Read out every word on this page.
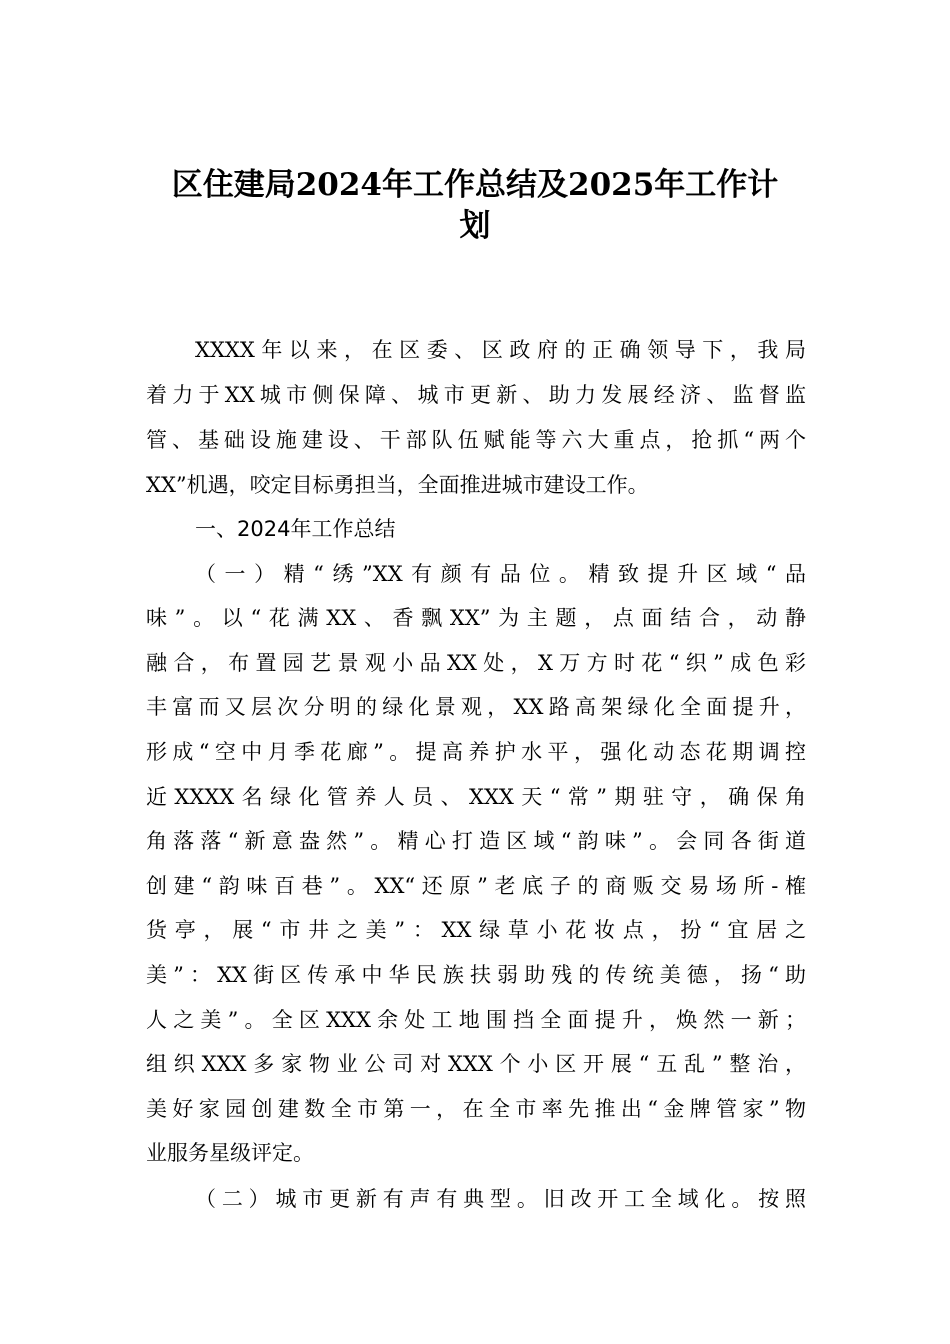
区住建局2024年工作总结及2025年工作计
划
XXXX年以来，在区委、区政府的正确领导下，我局
着力于XX城市侧保障、城市更新、助力发展经济、监督监
管、基础设施建设、干部队伍赋能等六大重点，抢抓“两个
XX”机遇，咬定目标勇担当，全面推进城市建设工作。
一、2024年工作总结
（一）精“绣”XX有颜有品位。精致提升区域“品
味”。以“花满XX、香飘XX”为主题，点面结合，动静
融合，布置园艺景观小品XX处，X万方时花“织”成色彩
丰富而又层次分明的绿化景观，XX路高架绿化全面提升，
形成“空中月季花廊”。提高养护水平，强化动态花期调控
近XXXX名绿化管养人员、XXX天“常”期驻守，确保角
角落落“新意盎然”。精心打造区域“韵味”。会同各街道
创建“韵味百巷”。XX“还原”老底子的商贩交易场所-榷
货亭，展“市井之美”：XX绿草小花妆点，扮“宜居之
美”：XX街区传承中华民族扶弱助残的传统美德，扬“助
人之美”。全区XXX余处工地围挡全面提升，焕然一新；
组织XXX多家物业公司对XXX个小区开展“五乱”整治，
美好家园创建数全市第一，在全市率先推出“金牌管家”物
业服务星级评定。
（二）城市更新有声有典型。旧改开工全域化。按照
